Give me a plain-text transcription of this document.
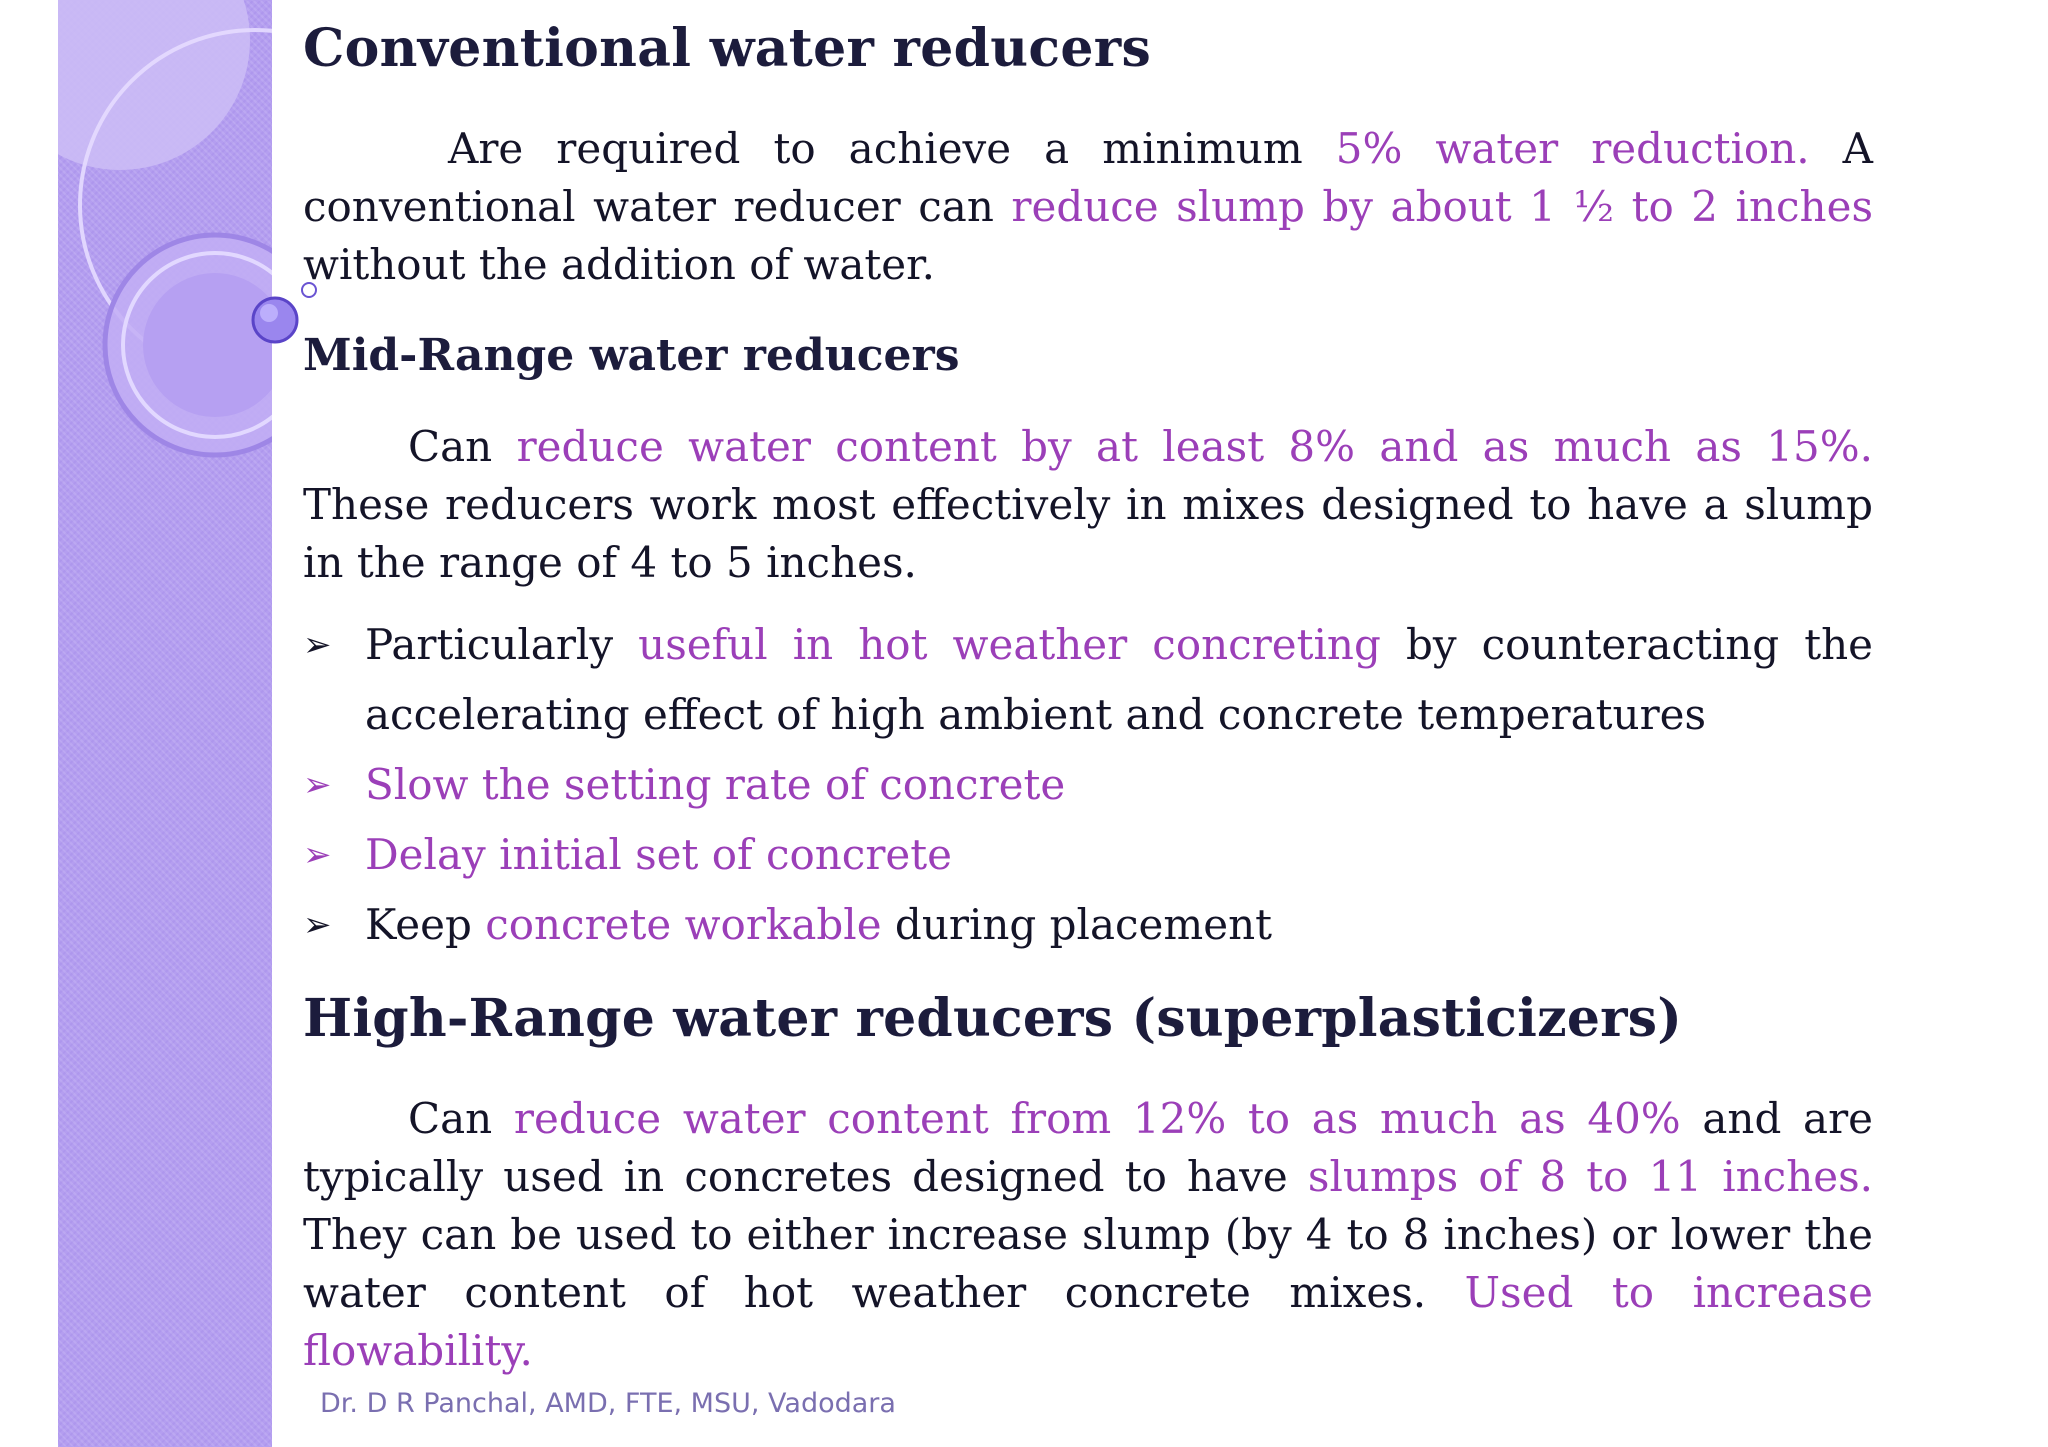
Conventional water reducers

Are required to achieve a minimum 5% water reduction. A conventional water reducer can reduce slump by about 1 ½ to 2 inches without the addition of water.

Mid-Range water reducers

Can reduce water content by at least 8% and as much as 15%. These reducers work most effectively in mixes designed to have a slump in the range of 4 to 5 inches.

➢ Particularly useful in hot weather concreting by counteracting the accelerating effect of high ambient and concrete temperatures
➢ Slow the setting rate of concrete
➢ Delay initial set of concrete
➢ Keep concrete workable during placement
High-Range water reducers (superplasticizers)

Can reduce water content from 12% to as much as 40% and are typically used in concretes designed to have slumps of 8 to 11 inches. They can be used to either increase slump (by 4 to 8 inches) or lower the water content of hot weather concrete mixes. Used to increase flowability.

Dr. D R Panchal, AMD, FTE, MSU, Vadodara
